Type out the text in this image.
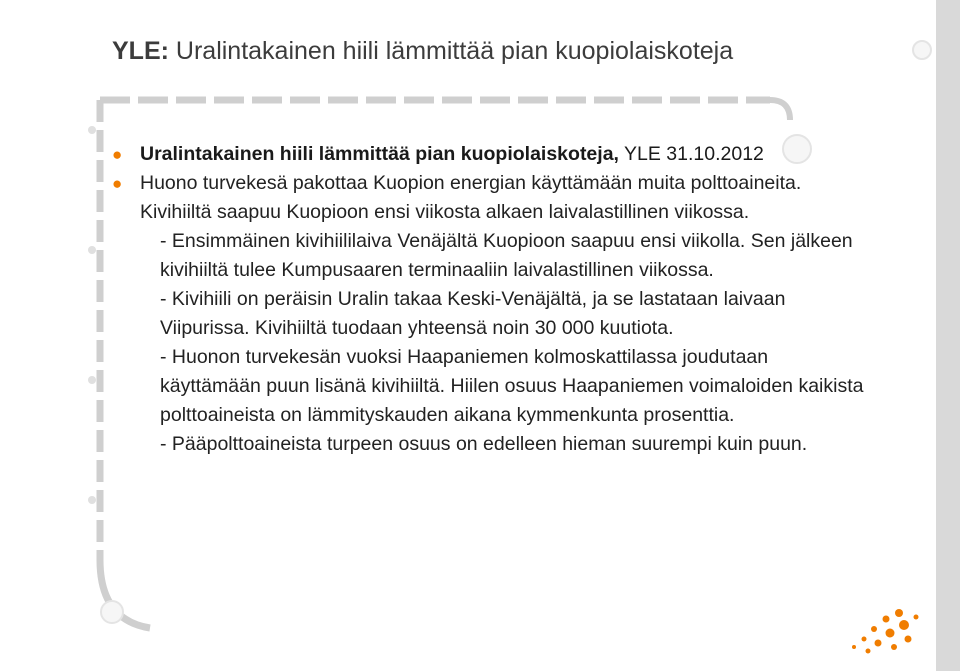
YLE: Uralintakainen hiili lämmittää pian kuopiolaiskoteja

● Uralintakainen hiili lämmittää pian kuopiolaiskoteja, YLE 31.10.2012

● Huono turvekesä pakottaa Kuopion energian käyttämään muita polttoaineita. Kivihiiltä saapuu Kuopioon ensi viikosta alkaen laivalastillinen viikossa.

- Ensimmäinen kivihiililaiva Venäjältä Kuopioon saapuu ensi viikolla. Sen jälkeen kivihiiltä tulee Kumpusaaren terminaaliin laivalastillinen viikossa.

- Kivihiili on peräisin Uralin takaa Keski-Venäjältä, ja se lastataan laivaan Viipurissa. Kivihiiltä tuodaan yhteensä noin 30 000 kuutiota.

- Huonon turvekesän vuoksi Haapaniemen kolmoskattilassa joudutaan käyttämään puun lisänä kivihiiltä. Hiilen osuus Haapaniemen voimaloiden kaikista polttoaineista on lämmityskauden aikana kymmenkunta prosenttia.

- Pääpolttoaineista turpeen osuus on edelleen hieman suurempi kuin puun.
